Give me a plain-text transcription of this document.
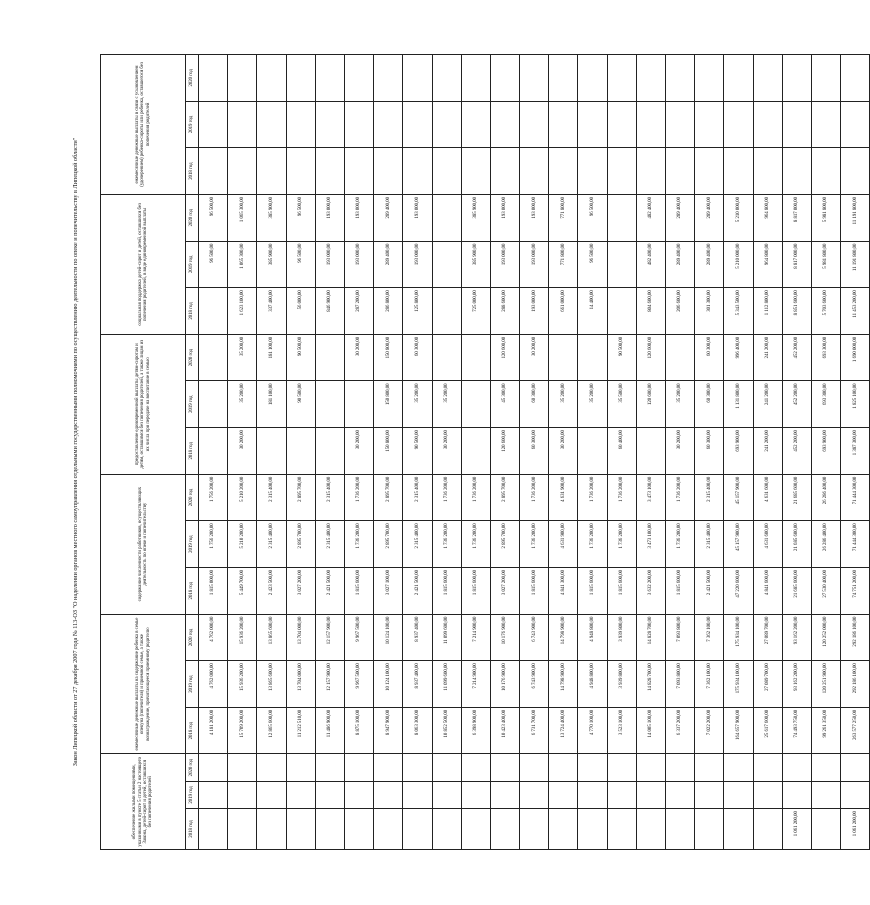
Закон Липецкой области от 27 декабря 2007 года № 113-ОЗ "О наделении органов местного самоуправления отдельными государственными полномочиями по осуществлению деятельности по опеке и попечительству в Липецкой области"
обеспечение жилыми помещениями, указанными в пункте 5 статьи 2 настоящего Закона, детей-сирот и детей, оставшихся без попечения родителей			ежемесячные денежные выплаты на содержание ребенка в семье опекуна (попечителя) и приемной семье, а также вознаграждение, причитающееся приемному родителю			содержание численности работников, осуществляющих деятельность по опеке и попечительству			предоставление единовременной выплаты детям-сиротам и детям, оставшимся без попечения родителей, а также лицам из их числа при передаче на воспитание в семью			социальная поддержка детей-сирот и детей, оставшихся без попечения родителей, в виде единовременной выплаты			ежемесячные денежные выплаты в связи с усыновлением (удочерением) ребенка-сироты или ребенка, оставшегося без попечения родителей		
2018 год	2019 год	2020 год	2018 год	2019 год	2020 год	2018 год	2019 год	2020 год	2018 год	2019 год	2020 год	2018 год	2019 год	2020 год	2018 год	2019 год	2020 год
			4 181 200,00	4 762 000,00	4 762 000,00	1 815 000,00	1 756 200,00	1 756 200,00					96 500,00	96 500,00			
			15 709 200,00	15 936 200,00	15 936 200,00	5 449 700,00	5 210 200,00	5 210 200,00	30 200,00	35 200,00	35 200,00	1 623 100,00	1 065 300,00	1 065 300,00			
			12 865 600,00	13 865 600,00	13 865 600,00	2 423 500,00	2 315 400,00	2 315 400,00		181 100,00	181 100,00	337 400,00	385 900,00	385 900,00			
			11 212 510,00	13 704 000,00	13 704 000,00	3 027 200,00	2 895 700,00	2 895 700,00		90 500,00	90 500,00	56 000,00	96 500,00	96 500,00			
			11 486 900,00	12 157 900,00	12 157 900,00	2 421 500,00	2 315 400,00	2 315 400,00				846 900,00	193 000,00	193 000,00			
			8 875 100,00	9 967 500,00	9 967 500,00	1 815 600,00	1 736 200,00	1 736 200,00	30 200,00		30 200,00	287 200,00	193 000,00	193 000,00			
			8 947 900,00	10 124 100,00	10 124 100,00	3 027 100,00	2 895 700,00	2 895 700,00	150 800,00	150 800,00	150 800,00	286 800,00	289 400,00	289 400,00			
			8 063 300,00	8 937 400,00	8 937 400,00	2 421 500,00	2 315 400,00	2 315 400,00	90 500,00	35 200,00	60 300,00	125 800,00	193 000,00	193 000,00			
			10 852 500,00	11 099 600,00	11 099 600,00	1 815 600,00	1 736 200,00	1 736 200,00	30 200,00	35 200,00							
			6 398 900,00	7 214 900,00	7 214 900,00	1 815 600,00	1 736 200,00	1 736 200,00				725 000,00	385 900,00	385 900,00			
			10 423 400,00	10 176 900,00	10 176 900,00	3 027 200,00	2 895 700,00	2 895 700,00	120 600,00	45 300,00	120 600,00	288 600,00	193 000,00	193 000,00			
			6 731 700,00	6 743 900,00	6 743 900,00	1 815 600,00	1 736 200,00	1 736 200,00	60 300,00	60 300,00	30 200,00	193 000,00	193 000,00	193 000,00			
			13 724 400,00	14 798 900,00	14 798 900,00	4 841 300,00	4 631 900,00	4 631 900,00	30 200,00	35 200,00		661 000,00	771 800,00	771 800,00			
			4 770 100,00	4 948 800,00	4 948 800,00	1 815 600,00	1 736 200,00	1 736 200,00		35 200,00		14 400,00	96 500,00	96 500,00			
			3 523 100,00	3 939 800,00	3 939 800,00	1 815 600,00	1 736 200,00	1 736 200,00	60 400,00	35 500,00	90 500,00						
			14 005 100,00	14 828 700,00	14 828 700,00	3 632 200,00	3 473 100,00	3 473 100,00		120 600,00	120 600,00	804 600,00	482 400,00	482 400,00			
			6 337 200,00	7 093 800,00	7 093 800,00	1 815 600,00	1 736 200,00	1 736 200,00	30 200,00	35 200,00		206 600,00	289 400,00	289 400,00			
			7 022 200,00	7 362 100,00	7 362 100,00	2 421 500,00	2 315 400,00	2 315 400,00	60 300,00	60 300,00	60 300,00	301 300,00	289 400,00	289 400,00			
			164 657 900,00	175 934 100,00	175 934 100,00	47 220 600,00	45 157 900,00	45 157 900,00	693 900,00	1 131 800,00	996 400,00	5 343 500,00	5 210 000,00	5 210 000,00			
			25 617 600,00	27 089 700,00	27 089 700,00	4 841 600,00	4 631 600,00	4 631 600,00	241 200,00	241 200,00	241 200,00	1 112 800,00	964 800,00	964 800,00			
1 061 200,00			74 493 750,00	93 162 200,00	93 162 200,00	21 685 600,00	21 685 600,00	21 685 600,00	452 200,00	452 200,00	452 200,00	8 851 600,00	8 817 000,00	8 817 000,00			
			99 261 350,00	120 251 900,00	120 252 000,00	27 530 400,00	26 286 400,00	26 286 400,00	693 900,00	693 300,00	693 300,00	5 703 600,00	5 981 800,00	5 981 800,00			
1 061 200,00			263 577 250,00	292 186 100,00	292 186 100,00	74 751 200,00	71 444 300,00	71 444 300,00	1 387 300,00	1 825 100,00	1 690 000,00	11 453 200,00	11 191 800,00	11 191 800,00			
